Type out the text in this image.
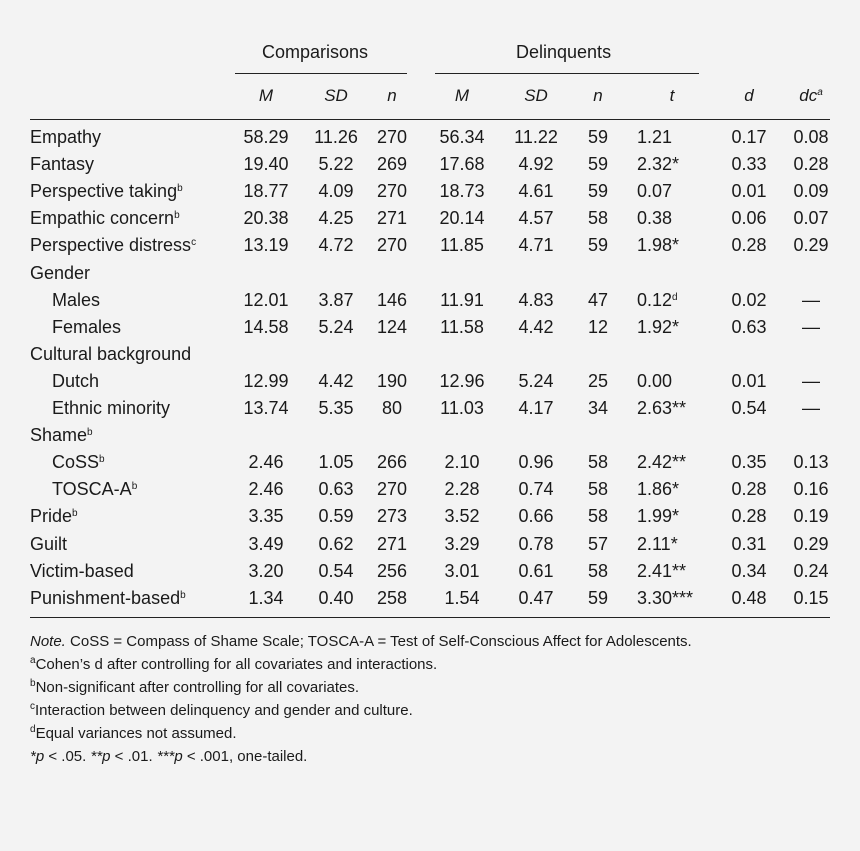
Comparisons	Delinquents
M	SD	n	M	SD	n	t	d	$dc^a$
Empathy	58.29	11.26	270	56.34	11.22	59	1.21	0.17	0.08
Fantasy	19.40	5.22	269	17.68	4.92	59	2.32*	0.33	0.28
Perspective taking$^b$	18.77	4.09	270	18.73	4.61	59	0.07	0.01	0.09
Empathic concern$^b$	20.38	4.25	271	20.14	4.57	58	0.38	0.06	0.07
Perspective distress$^c$	13.19	4.72	270	11.85	4.71	59	1.98*	0.28	0.29
Gender
Males	12.01	3.87	146	11.91	4.83	47	0.12$^d$	0.02	—
Females	14.58	5.24	124	11.58	4.42	12	1.92*	0.63	—
Cultural background
Dutch	12.99	4.42	190	12.96	5.24	25	0.00	0.01	—
Ethnic minority	13.74	5.35	80	11.03	4.17	34	2.63**	0.54	—
Shame$^b$
CoSS$^b$	2.46	1.05	266	2.10	0.96	58	2.42**	0.35	0.13
TOSCA-$A^b$	2.46	0.63	270	2.28	0.74	58	1.86*	0.28	0.16
Pride$^b$	3.35	0.59	273	3.52	0.66	58	1.99*	0.28	0.19
Guilt	3.49	0.62	271	3.29	0.78	57	2.11*	0.31	0.29
Victim-based	3.20	0.54	256	3.01	0.61	58	2.41**	0.34	0.24
Punishment-based$^b$	1.34	0.40	258	1.54	0.47	59	3.30***	0.48	0.15
Note. CoSS = Compass of Shame Scale; TOSCA-A = Test of Self-Conscious Affect for Adolescents.
$^a$Cohen’s d after controlling for all covariates and interactions.
$^b$Non-significant after controlling for all covariates.
$^c$Interaction between delinquency and gender and culture.
$^d$Equal variances not assumed.
*p < .05. **p < .01. ***p < .001, one-tailed.
